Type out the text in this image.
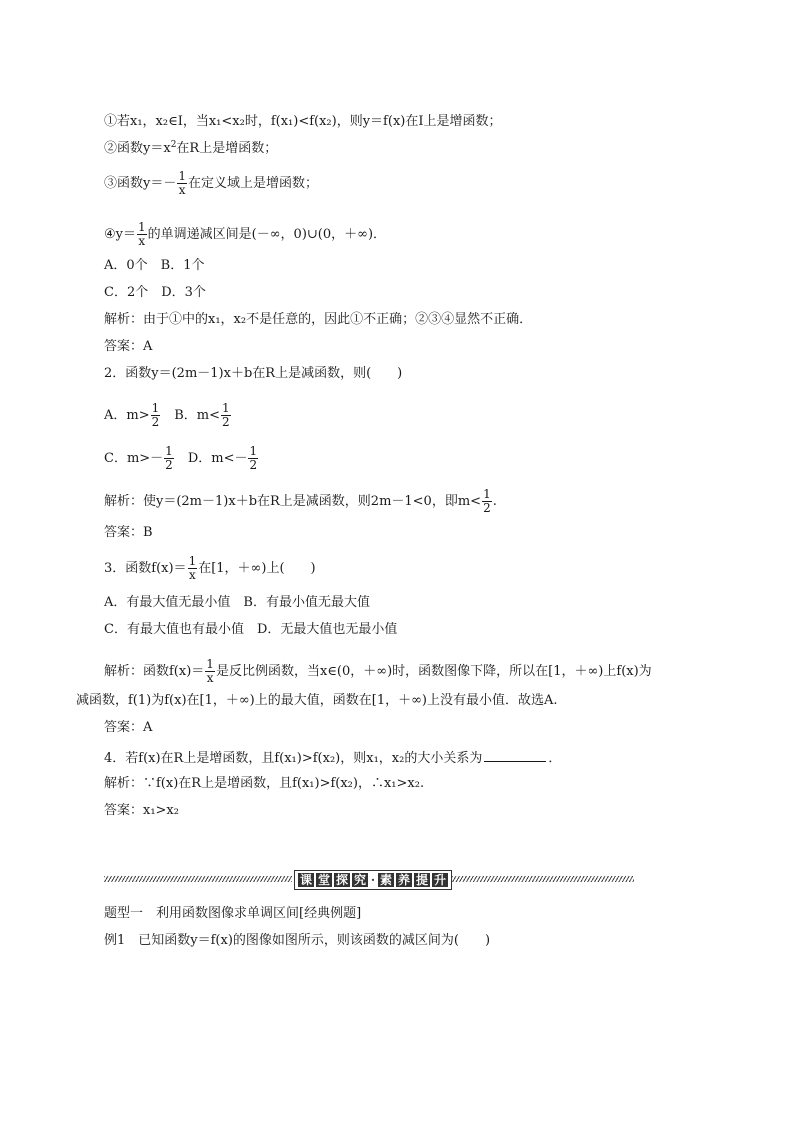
①若x₁，x₂∈I，当x₁<x₂时，f(x₁)<f(x₂)，则y＝f(x)在I上是增函数；
②函数$y=x^2$在R上是增函数；
③函数$y=- \frac{1}{x}$ 在定义域上是增函数；
④y＝ $\frac{1}{x}$ 的单调递减区间是(－∞，0)∪(0，＋∞)．
A．0个　B．1个
C．2个　D．3个
解析：由于①中的x₁，x₂不是任意的，因此①不正确；②③④显然不正确．
答案：A
2．函数y＝(2m－1)x＋b在R上是减函数，则(　　)
A．$m> \frac{1}{2}$ 　B．$m< \frac{1}{2}$
C．$m>- \frac{1}{2}$ 　D．$m<- \frac{1}{2}$
解析：使y＝(2m－1)x＋b在R上是减函数，则2m－1<0，即$m< \frac{1}{2}$ .
答案：B
3．函数$f(x)= \frac{1}{x}$ 在[1，＋∞)上(　　)
A．有最大值无最小值　B．有最小值无最大值
C．有最大值也有最小值　D．无最大值也无最小值
解析：函数$f(x)= \frac{1}{x}$ 是反比例函数，当x∈(0，＋∞)时，函数图像下降，所以在[1，＋∞)上f(x)为
减函数，f(1)为f(x)在[1，＋∞)上的最大值，函数在[1，＋∞)上没有最小值．故选A.
答案：A
4．若f(x)在R上是增函数，且f(x₁)>f(x₂)，则x₁，x₂的大小关系为	．
解析：∵f(x)在R上是增函数，且f(x₁)>f(x₂)，∴x₁>x₂.
答案：x₁>x₂
课 堂 探 究 · 素 养 提 升
题型一　利用函数图像求单调区间[经典例题]
例1　已知函数y＝f(x)的图像如图所示，则该函数的减区间为(　　)
